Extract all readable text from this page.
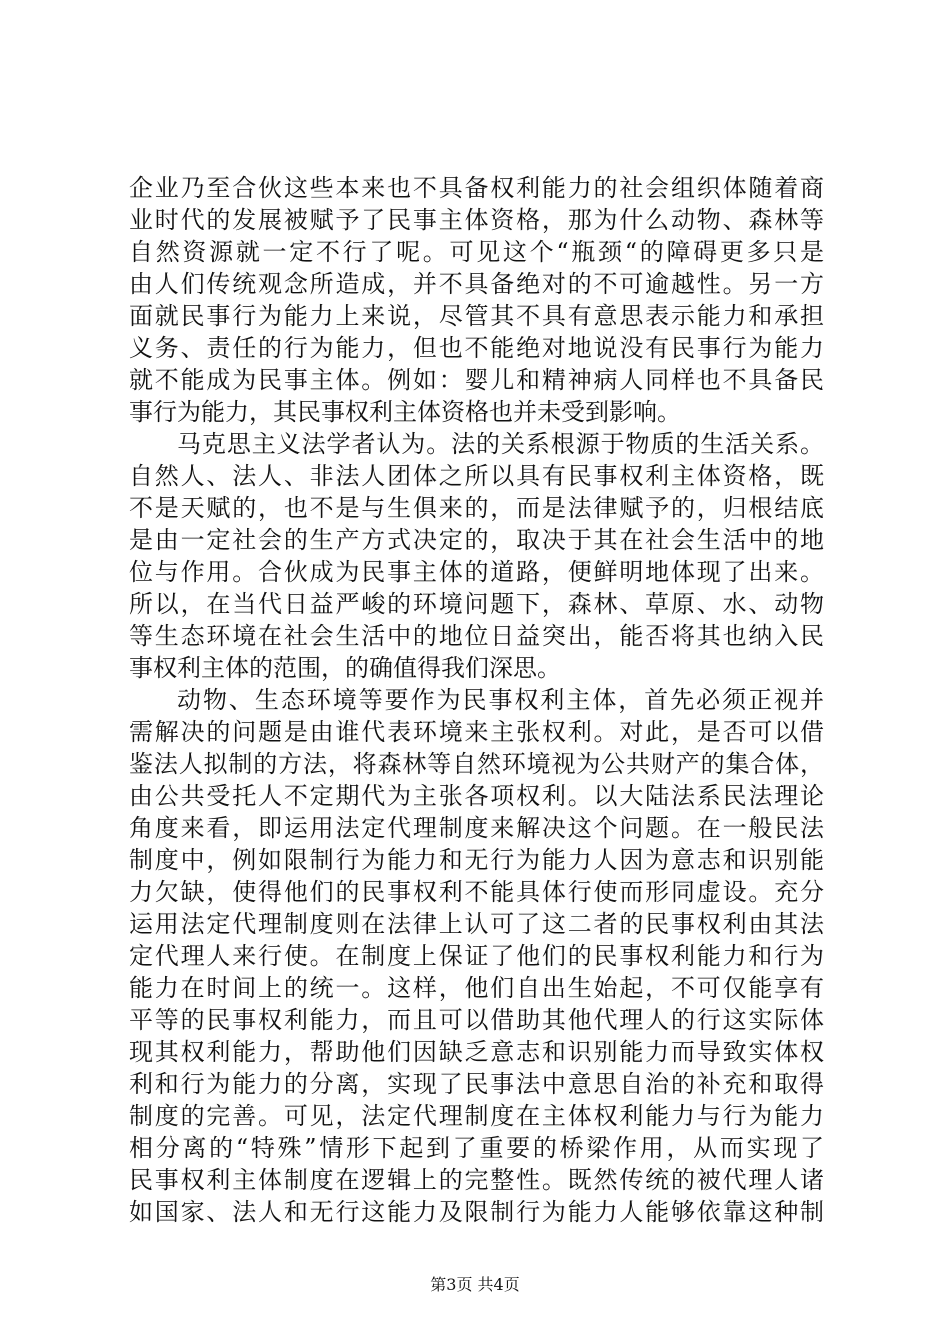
企业乃至合伙这些本来也不具备权利能力的社会组织体随着商
业时代的发展被赋予了民事主体资格，那为什么动物、森林等
自然资源就一定不行了呢。可见这个“瓶颈“的障碍更多只是
由人们传统观念所造成，并不具备绝对的不可逾越性。另一方
面就民事行为能力上来说，尽管其不具有意思表示能力和承担
义务、责任的行为能力，但也不能绝对地说没有民事行为能力
就不能成为民事主体。例如：婴儿和精神病人同样也不具备民
事行为能力，其民事权利主体资格也并未受到影响。
马克思主义法学者认为。法的关系根源于物质的生活关系。
自然人、法人、非法人团体之所以具有民事权利主体资格，既
不是天赋的，也不是与生俱来的，而是法律赋予的，归根结底
是由一定社会的生产方式决定的，取决于其在社会生活中的地
位与作用。合伙成为民事主体的道路，便鲜明地体现了出来。
所以，在当代日益严峻的环境问题下，森林、草原、水、动物
等生态环境在社会生活中的地位日益突出，能否将其也纳入民
事权利主体的范围，的确值得我们深思。
动物、生态环境等要作为民事权利主体，首先必须正视并
需解决的问题是由谁代表环境来主张权利。对此，是否可以借
鉴法人拟制的方法，将森林等自然环境视为公共财产的集合体，
由公共受托人不定期代为主张各项权利。以大陆法系民法理论
角度来看，即运用法定代理制度来解决这个问题。在一般民法
制度中，例如限制行为能力和无行为能力人因为意志和识别能
力欠缺，使得他们的民事权利不能具体行使而形同虚设。充分
运用法定代理制度则在法律上认可了这二者的民事权利由其法
定代理人来行使。在制度上保证了他们的民事权利能力和行为
能力在时间上的统一。这样，他们自出生始起，不可仅能享有
平等的民事权利能力，而且可以借助其他代理人的行这实际体
现其权利能力，帮助他们因缺乏意志和识别能力而导致实体权
利和行为能力的分离，实现了民事法中意思自治的补充和取得
制度的完善。可见，法定代理制度在主体权利能力与行为能力
相分离的“特殊”情形下起到了重要的桥梁作用，从而实现了
民事权利主体制度在逻辑上的完整性。既然传统的被代理人诸
如国家、法人和无行这能力及限制行为能力人能够依靠这种制
第3页 共4页
